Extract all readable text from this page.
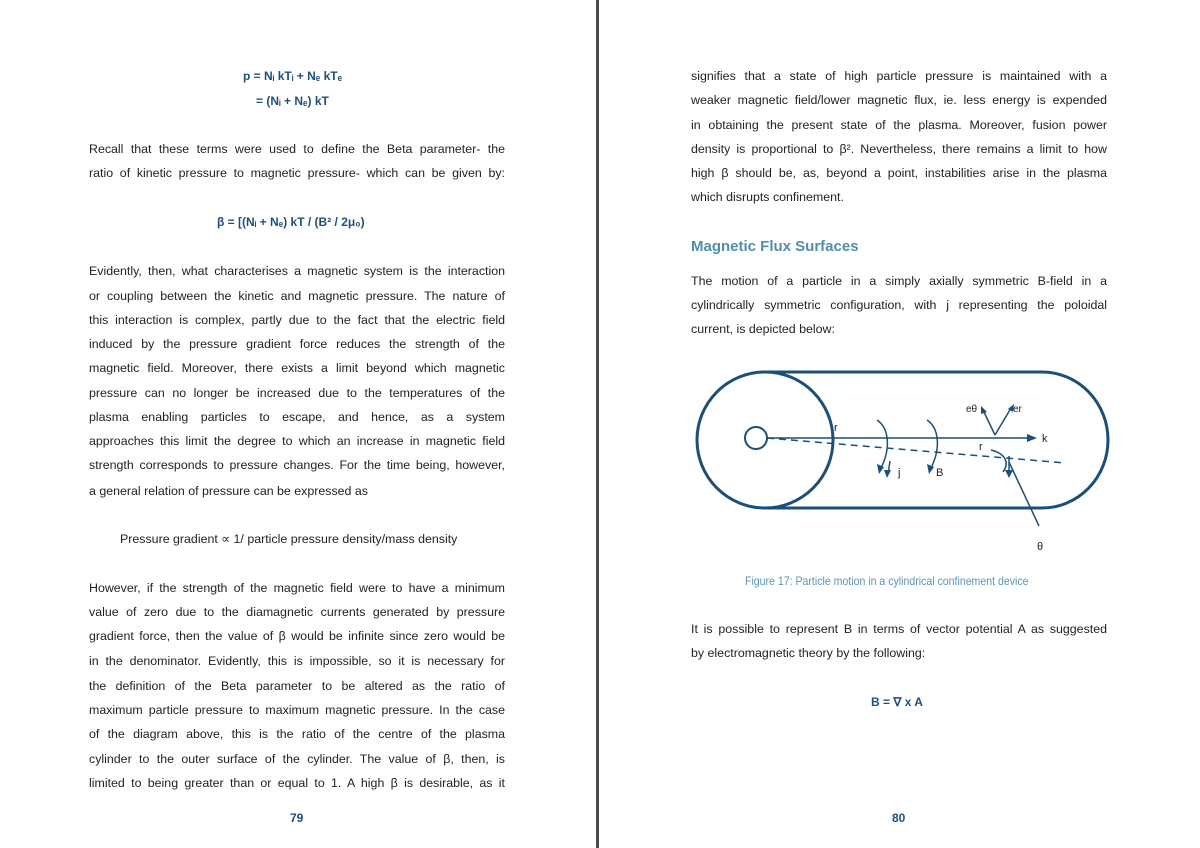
p = Nᵢ kTᵢ + Nₑ kTₑ
= (Nᵢ + Nₑ) kT
Recall that these terms were used to define the Beta parameter- the
ratio of kinetic pressure to magnetic pressure- which can be given by:
β = [(Nᵢ + Nₑ) kT / (B² / 2μ₀)
Evidently, then, what characterises a magnetic system is the interaction
or coupling between the kinetic and magnetic pressure. The nature of
this interaction is complex, partly due to the fact that the electric field
induced by the pressure gradient force reduces the strength of the
magnetic field. Moreover, there exists a limit beyond which magnetic
pressure can no longer be increased due to the temperatures of the
plasma enabling particles to escape, and hence, as a system
approaches this limit the degree to which an increase in magnetic field
strength corresponds to pressure changes. For the time being, however,
a general relation of pressure can be expressed as
Pressure gradient ∝ 1/ particle pressure density/mass density
However, if the strength of the magnetic field were to have a minimum
value of zero due to the diamagnetic currents generated by pressure
gradient force, then the value of β would be infinite since zero would be
in the denominator. Evidently, this is impossible, so it is necessary for
the definition of the Beta parameter to be altered as the ratio of
maximum particle pressure to maximum magnetic pressure. In the case
of the diagram above, this is the ratio of the centre of the plasma
cylinder to the outer surface of the cylinder. The value of β, then, is
limited to being greater than or equal to 1. A high β is desirable, as it
79
signifies that a state of high particle pressure is maintained with a
weaker magnetic field/lower magnetic flux, ie. less energy is expended
in obtaining the present state of the plasma. Moreover, fusion power
density is proportional to β². Nevertheless, there remains a limit to how
high β should be, as, beyond a point, instabilities arise in the plasma
which disrupts confinement.
Magnetic Flux Surfaces
The motion of a particle in a simply axially symmetric B-field in a
cylindrically symmetric configuration, with j representing the poloidal
current, is depicted below:
r
r
k
j	B
eθ	er
θ
Figure 17: Particle motion in a cylindrical confinement device
It is possible to represent B in terms of vector potential A as suggested
by electromagnetic theory by the following:
B = ∇ x A
80
